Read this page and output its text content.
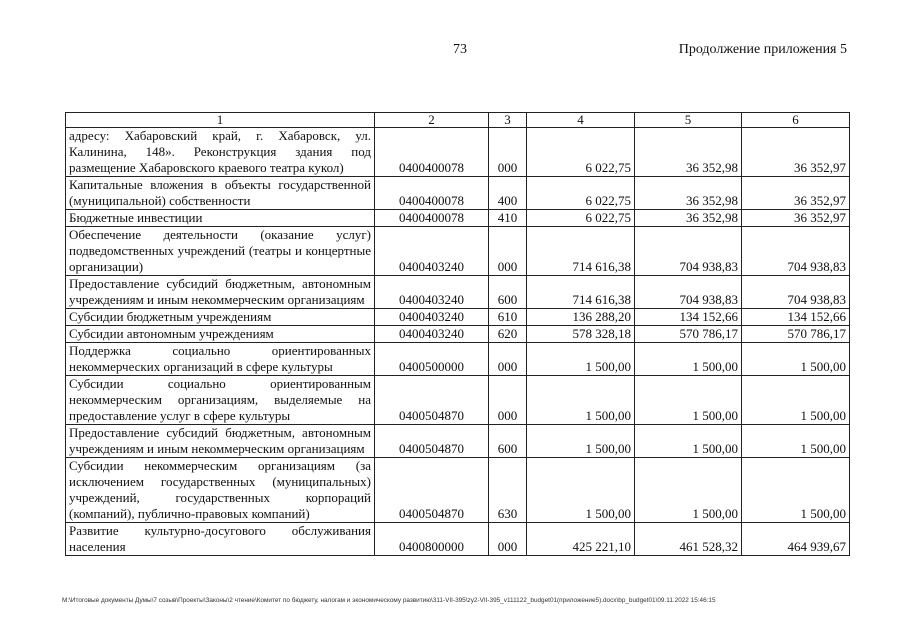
73	Продолжение приложения 5
1	2	3	4	5	6
адресу: Хабаровский край, г. Хабаровск, ул. Калинина, 148». Реконструкция здания под размещение Хабаровского краевого театра кукол)	0400400078	000	6 022,75	36 352,98	36 352,97
Капитальные вложения в объекты государственной (муниципальной) собственности	0400400078	400	6 022,75	36 352,98	36 352,97
Бюджетные инвестиции	0400400078	410	6 022,75	36 352,98	36 352,97
Обеспечение деятельности (оказание услуг) подведомственных учреждений (театры и концертные организации)	0400403240	000	714 616,38	704 938,83	704 938,83
Предоставление субсидий бюджетным, автономным учреждениям и иным некоммерческим организациям	0400403240	600	714 616,38	704 938,83	704 938,83
Субсидии бюджетным учреждениям	0400403240	610	136 288,20	134 152,66	134 152,66
Субсидии автономным учреждениям	0400403240	620	578 328,18	570 786,17	570 786,17
Поддержка социально ориентированных некоммерческих организаций в сфере культуры	0400500000	000	1 500,00	1 500,00	1 500,00
Субсидии социально ориентированным некоммерческим организациям, выделяемые на предоставление услуг в сфере культуры	0400504870	000	1 500,00	1 500,00	1 500,00
Предоставление субсидий бюджетным, автономным учреждениям и иным некоммерческим организациям	0400504870	600	1 500,00	1 500,00	1 500,00
Субсидии некоммерческим организациям (за исключением государственных (муниципальных) учреждений, государственных корпораций (компаний), публично-правовых компаний)	0400504870	630	1 500,00	1 500,00	1 500,00
Развитие культурно-досугового обслуживания населения	0400800000	000	425 221,10	461 528,32	464 939,67
M:\Итоговые документы Думы\7 созыв\Проекты\Законы\2 чтение\Комитет по бюджету, налогам и экономическому развитию\311-VII-395\zy2-VII-395_v111122_budget01(приложение5).docx\bp_budget01\09.11.2022 15:46:15
